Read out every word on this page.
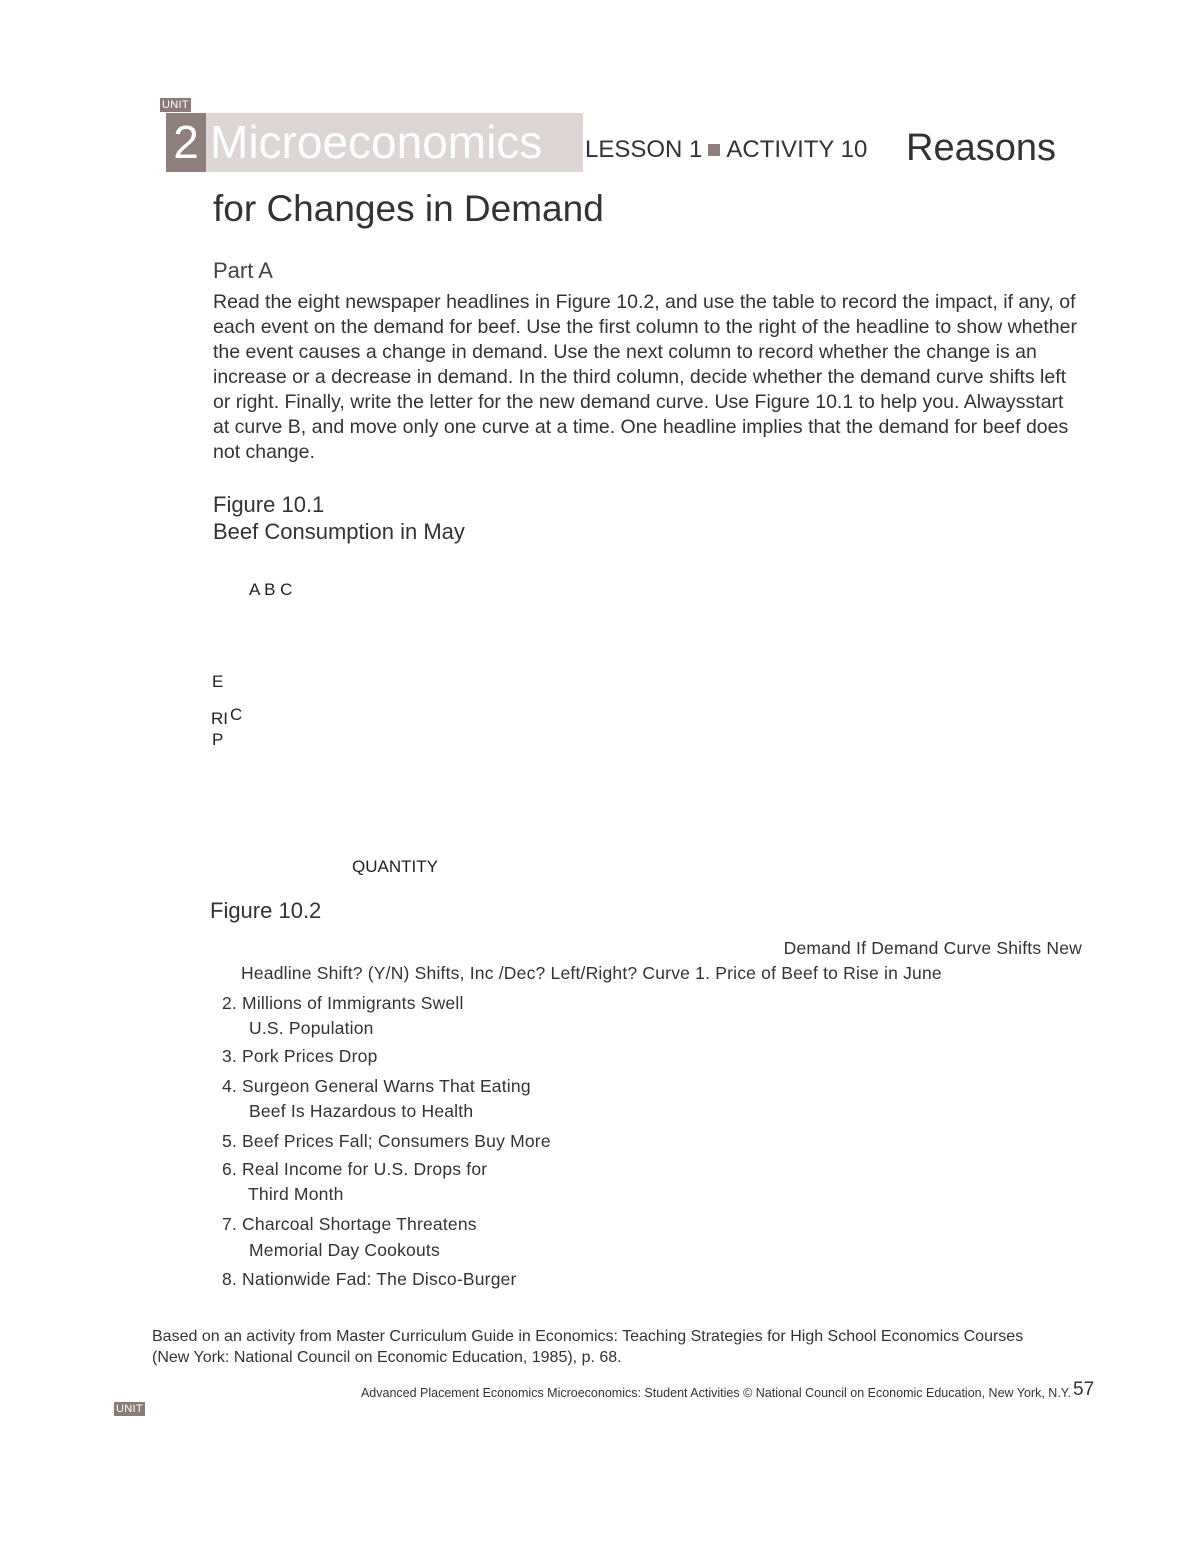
UNIT
2 Microeconomics	LESSON 1 ACTIVITY 10 Reasons
for Changes in Demand
Part A
Read the eight newspaper headlines in Figure 10.2, and use the table to record the impact, if any, of each event on the demand for beef. Use the first column to the right of the headline to show whether the event causes a change in demand. Use the next column to record whether the change is an increase or a decrease in demand. In the third column, decide whether the demand curve shifts left or right. Finally, write the letter for the new demand curve. Use Figure 10.1 to help you. Alwaysstart at curve B, and move only one curve at a time. One headline implies that the demand for beef does not change.
Figure 10.1
Beef Consumption in May
A B C
E
RI C
P
QUANTITY
Figure 10.2
Demand If Demand Curve Shifts New
Headline Shift? (Y/N) Shifts, Inc /Dec? Left/Right? Curve 1. Price of Beef to Rise in June
2. Millions of Immigrants Swell
U.S. Population
3. Pork Prices Drop
4. Surgeon General Warns That Eating
Beef Is Hazardous to Health
5. Beef Prices Fall; Consumers Buy More
6. Real Income for U.S. Drops for
Third Month
7. Charcoal Shortage Threatens
Memorial Day Cookouts
8. Nationwide Fad: The Disco-Burger
Based on an activity from Master Curriculum Guide in Economics: Teaching Strategies for High School Economics Courses
(New York: National Council on Economic Education, 1985), p. 68.
Advanced Placement Economics Microeconomics: Student Activities © National Council on Economic Education, New York, N.Y. 57
UNIT
